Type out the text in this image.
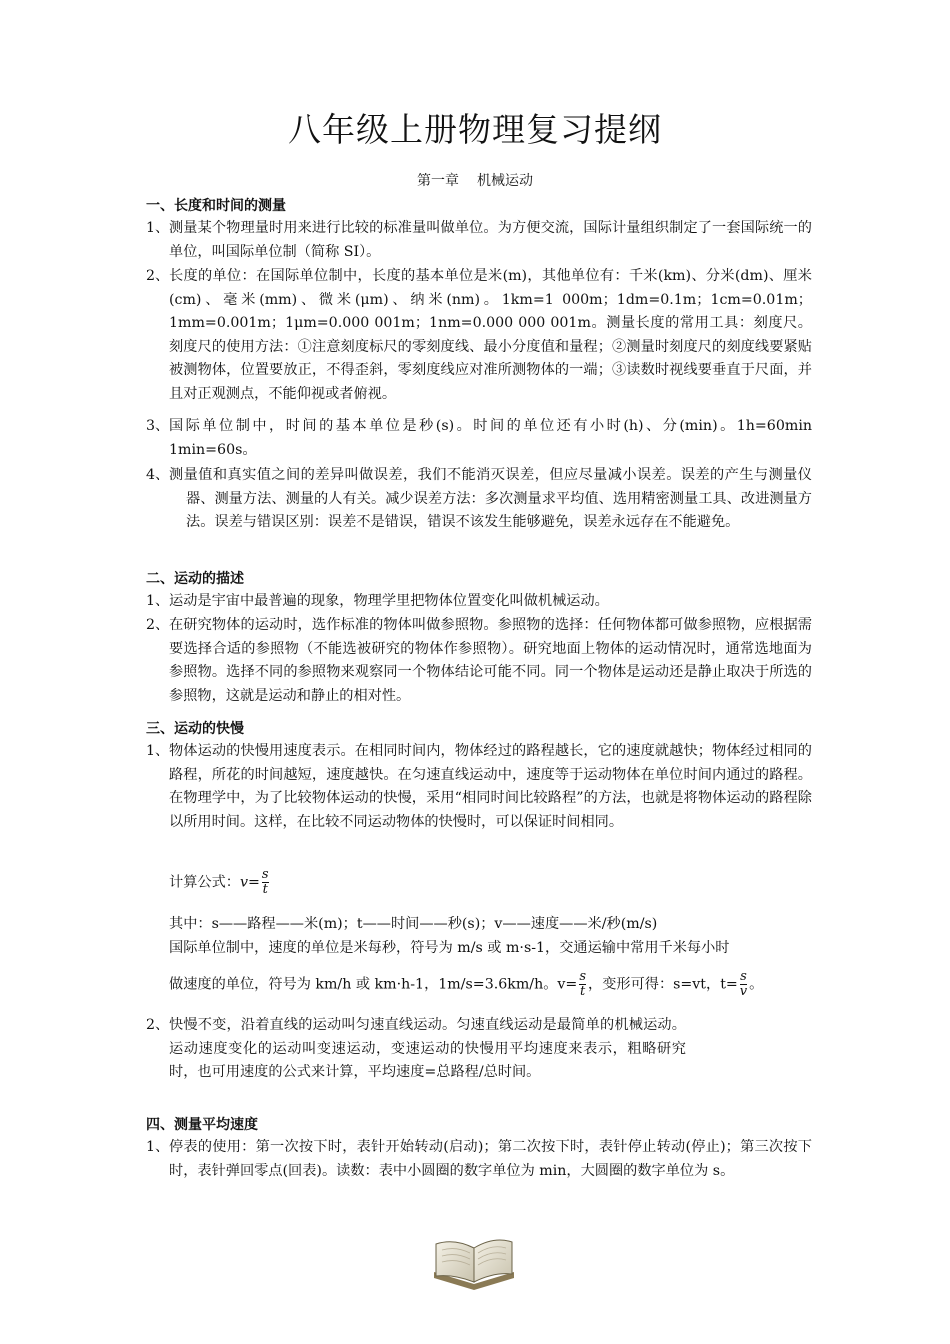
八年级上册物理复习提纲
第一章 机械运动
一、长度和时间的测量
1、 测量某个物理量时用来进行比较的标准量叫做单位。为方便交流，国际计量组织制定了一套国际统一的单位，叫国际单位制（简称 SI）。
2、 长度的单位：在国际单位制中，长度的基本单位是米(m)，其他单位有：千米(km)、分米(dm)、厘米(cm)、毫米(mm)、微米(μm)、纳米(nm)。1km=1 000m；1dm=0.1m；1cm=0.01m；1mm=0.001m；1μm=0.000 001m；1nm=0.000 000 001m。测量长度的常用工具：刻度尺。刻度尺的使用方法：①注意刻度标尺的零刻度线、最小分度值和量程；②测量时刻度尺的刻度线要紧贴被测物体，位置要放正，不得歪斜，零刻度线应对准所测物体的一端；③读数时视线要垂直于尺面，并且对正观测点，不能仰视或者俯视。
3、 国际单位制中，时间的基本单位是秒(s)。时间的单位还有小时(h)、分(min)。1h=60min 1min=60s。
4、 测量值和真实值之间的差异叫做误差，我们不能消灭误差，但应尽量减小误差。误差的产生与测量仪器、测量方法、测量的人有关。减少误差方法：多次测量求平均值、选用精密测量工具、改进测量方法。误差与错误区别：误差不是错误，错误不该发生能够避免，误差永远存在不能避免。
二、运动的描述
1、 运动是宇宙中最普遍的现象，物理学里把物体位置变化叫做机械运动。
2、 在研究物体的运动时，选作标准的物体叫做参照物。参照物的选择：任何物体都可做参照物，应根据需要选择合适的参照物（不能选被研究的物体作参照物）。研究地面上物体的运动情况时，通常选地面为参照物。选择不同的参照物来观察同一个物体结论可能不同。同一个物体是运动还是静止取决于所选的参照物，这就是运动和静止的相对性。
三、运动的快慢
1、 物体运动的快慢用速度表示。在相同时间内，物体经过的路程越长，它的速度就越快；物体经过相同的路程，所花的时间越短，速度越快。在匀速直线运动中，速度等于运动物体在单位时间内通过的路程。在物理学中，为了比较物体运动的快慢，采用“相同时间比较路程”的方法，也就是将物体运动的路程除以所用时间。这样，在比较不同运动物体的快慢时，可以保证时间相同。
计算公式：$v= \frac{s}{t}$
其中：s——路程——米(m)；t——时间——秒(s)；v——速度——米/秒(m/s)
国际单位制中，速度的单位是米每秒，符号为 m/s 或 m·s-1，交通运输中常用千米每小时
做速度的单位，符号为 km/h 或 km·h-1，1m/s=3.6km/h。$v= \frac{s}{t}$ ，变形可得：s=vt，$t= \frac{s}{v}$ 。
2、 快慢不变，沿着直线的运动叫匀速直线运动。匀速直线运动是最简单的机械运动。运动速度变化的运动叫变速运动，变速运动的快慢用平均速度来表示，粗略研究时，也可用速度的公式来计算，平均速度=总路程/总时间。
四、测量平均速度
1、 停表的使用：第一次按下时，表针开始转动(启动)；第二次按下时，表针停止转动(停止)；第三次按下时，表针弹回零点(回表)。读数：表中小圆圈的数字单位为 min，大圆圈的数字单位为 s。
